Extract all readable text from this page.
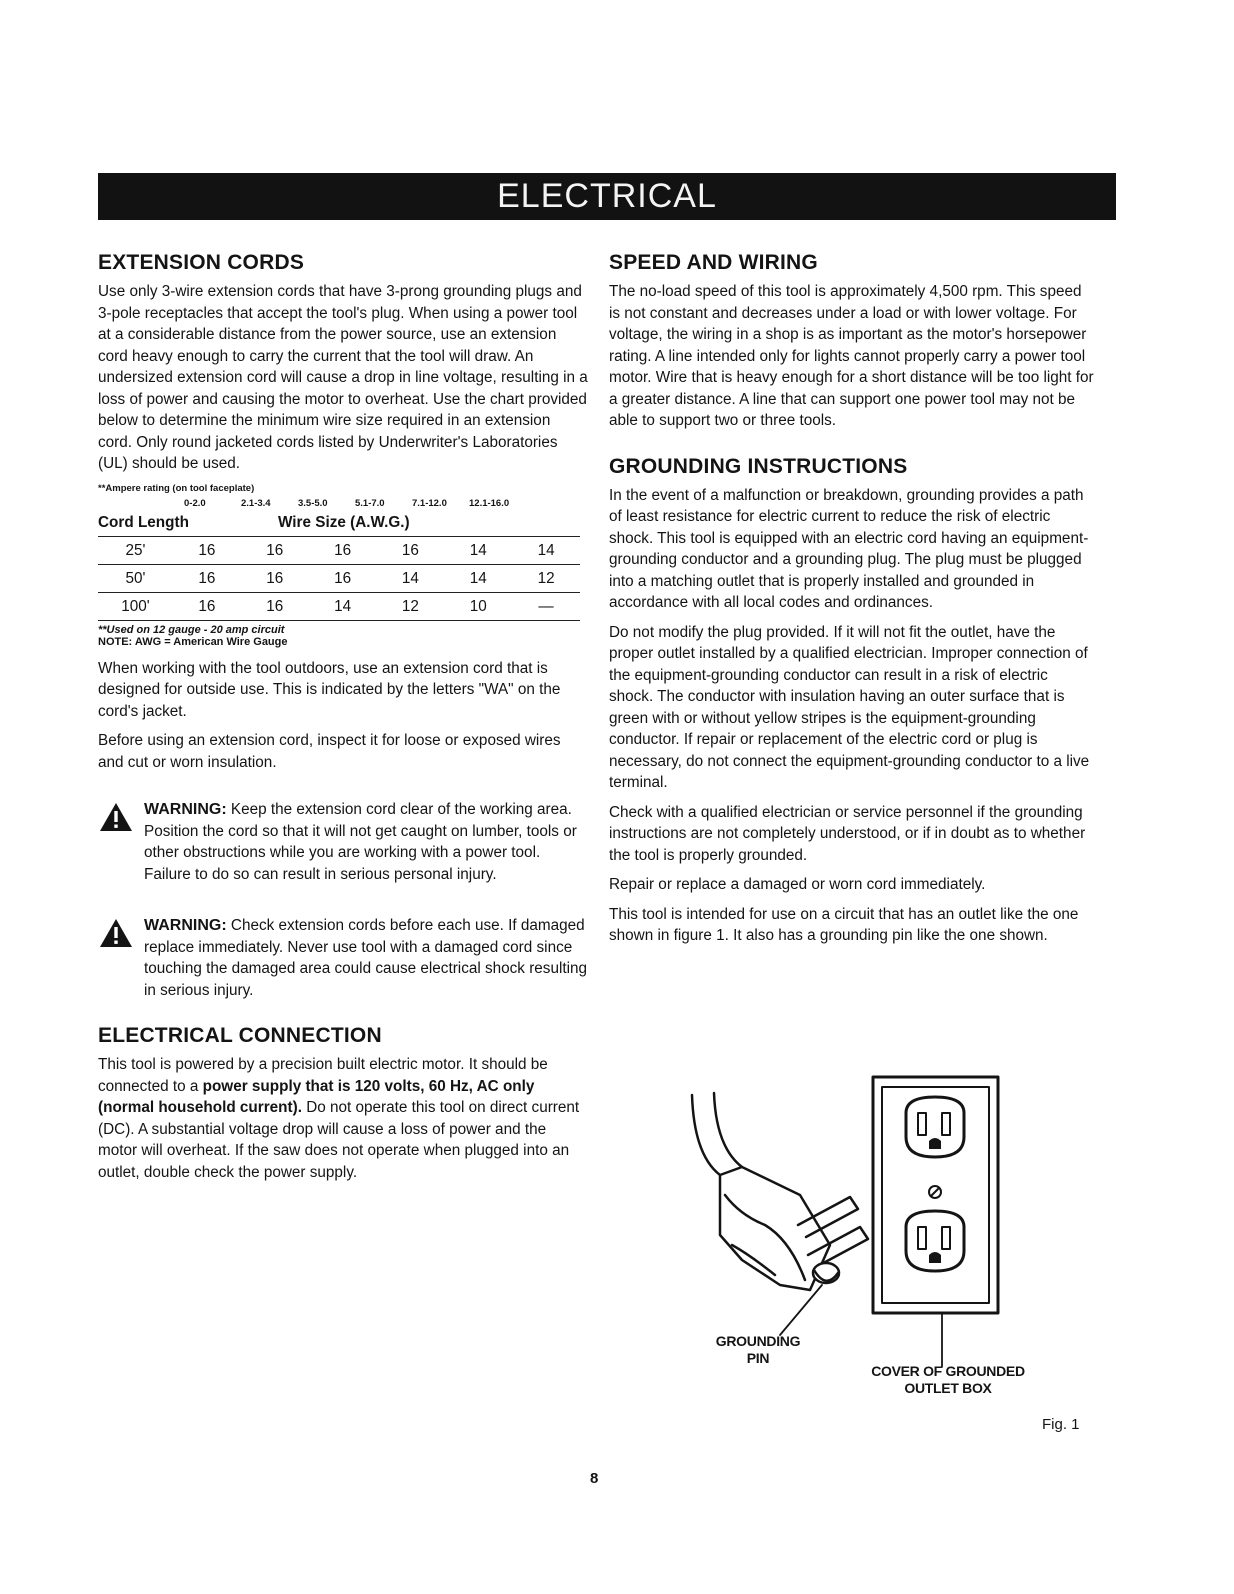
ELECTRICAL
EXTENSION CORDS

Use only 3-wire extension cords that have 3-prong grounding plugs and 3-pole receptacles that accept the tool's plug. When using a power tool at a considerable distance from the power source, use an extension cord heavy enough to carry the current that the tool will draw. An undersized extension cord will cause a drop in line voltage, resulting in a loss of power and causing the motor to overheat. Use the chart provided below to determine the minimum wire size required in an extension cord. Only round jacketed cords listed by Underwriter's Laboratories (UL) should be used.

**Ampere rating (on tool faceplate)
0-2.0	2.1-3.4	3.5-5.0	5.1-7.0	7.1-12.0	12.1-16.0
Cord Length	Wire Size (A.W.G.)
25'	16	16	16	16	14	14
50'	16	16	16	14	14	12
100'	16	16	14	12	10	—
**Used on 12 gauge - 20 amp circuit
NOTE: AWG = American Wire Gauge

When working with the tool outdoors, use an extension cord that is designed for outside use. This is indicated by the letters "WA" on the cord's jacket.

Before using an extension cord, inspect it for loose or exposed wires and cut or worn insulation.

WARNING: Keep the extension cord clear of the working area. Position the cord so that it will not get caught on lumber, tools or other obstructions while you are working with a power tool. Failure to do so can result in serious personal injury.

WARNING: Check extension cords before each use. If damaged replace immediately. Never use tool with a damaged cord since touching the damaged area could cause electrical shock resulting in serious injury.

ELECTRICAL CONNECTION

This tool is powered by a precision built electric motor. It should be connected to a power supply that is 120 volts, 60 Hz, AC only (normal household current). Do not operate this tool on direct current (DC). A substantial voltage drop will cause a loss of power and the motor will overheat. If the saw does not operate when plugged into an outlet, double check the power supply.

SPEED AND WIRING

The no-load speed of this tool is approximately 4,500 rpm. This speed is not constant and decreases under a load or with lower voltage. For voltage, the wiring in a shop is as important as the motor's horsepower rating. A line intended only for lights cannot properly carry a power tool motor. Wire that is heavy enough for a short distance will be too light for a greater distance. A line that can support one power tool may not be able to support two or three tools.

GROUNDING INSTRUCTIONS

In the event of a malfunction or breakdown, grounding provides a path of least resistance for electric current to reduce the risk of electric shock. This tool is equipped with an electric cord having an equipment-grounding conductor and a grounding plug. The plug must be plugged into a matching outlet that is properly installed and grounded in accordance with all local codes and ordinances.

Do not modify the plug provided. If it will not fit the outlet, have the proper outlet installed by a qualified electrician. Improper connection of the equipment-grounding conductor can result in a risk of electric shock. The conductor with insulation having an outer surface that is green with or without yellow stripes is the equipment-grounding conductor. If repair or replacement of the electric cord or plug is necessary, do not connect the equipment-grounding conductor to a live terminal.

Check with a qualified electrician or service personnel if the grounding instructions are not completely understood, or if in doubt as to whether the tool is properly grounded.

Repair or replace a damaged or worn cord immediately.

This tool is intended for use on a circuit that has an outlet like the one shown in figure 1. It also has a grounding pin like the one shown.

GROUNDING
PIN
COVER OF GROUNDED
OUTLET BOX
Fig. 1
8
